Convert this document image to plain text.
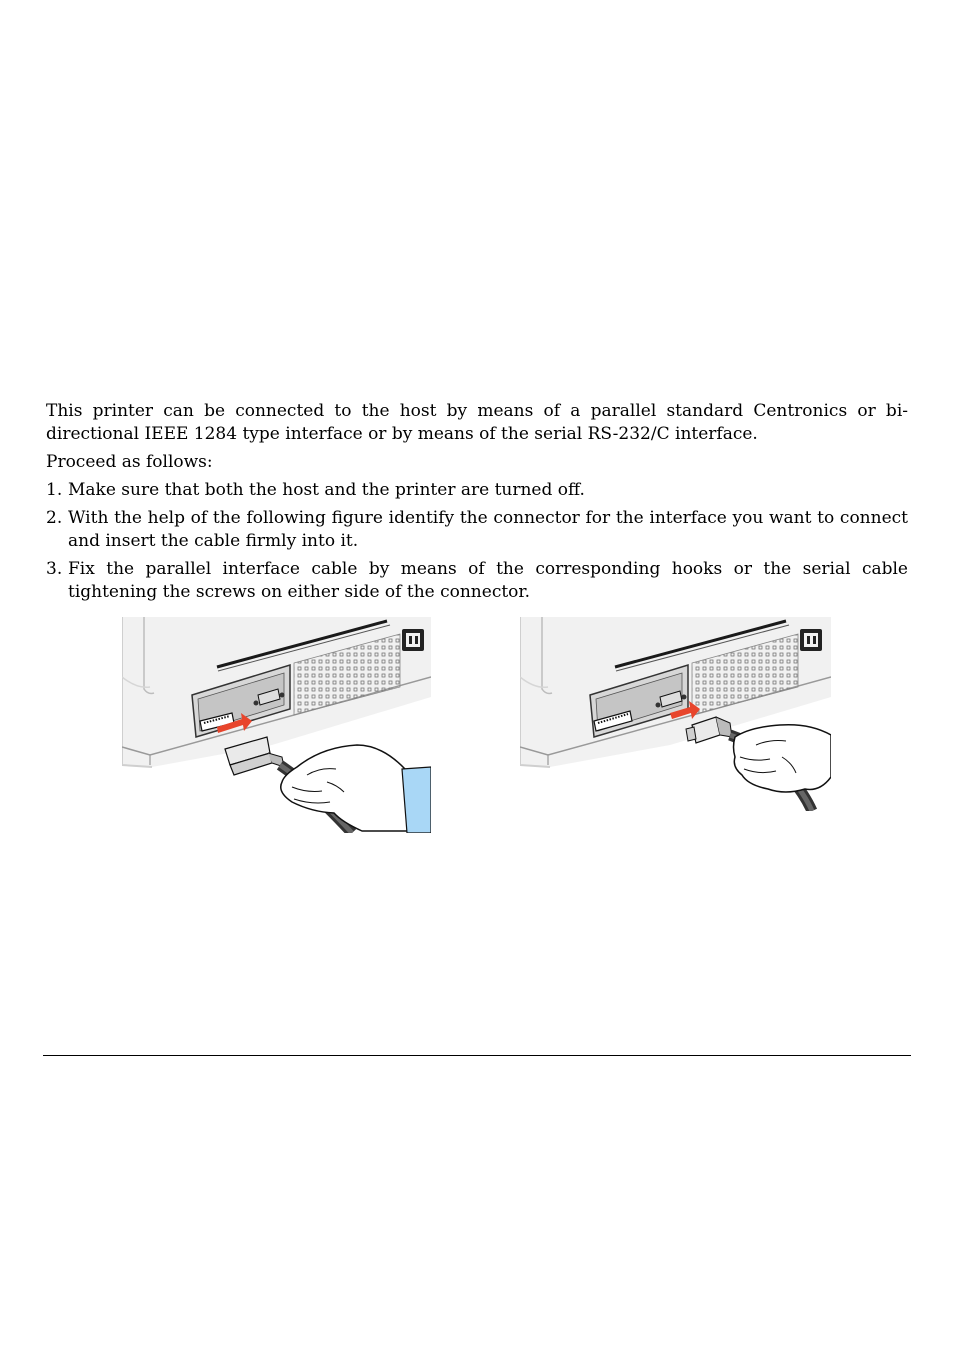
This printer can be connected to the host by means of a parallel standard Centronics or bi-directional IEEE 1284 type interface or by means of the serial RS-232/C interface.

Proceed as follows:

1. Make sure that both the host and the printer are turned off.
2. With the help of the following figure identify the connector for the interface you want to connect and insert the cable firmly into it.
3. Fix the parallel interface cable by means of the corresponding hooks or the serial cable tightening the screws on either side of the connector.
